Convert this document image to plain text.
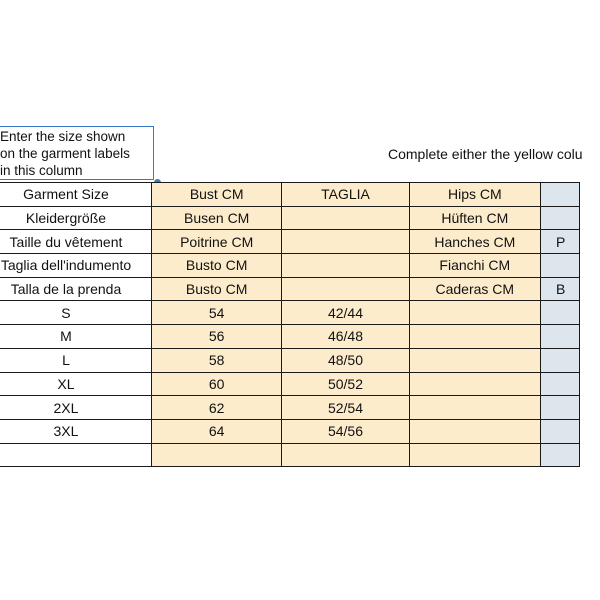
Enter the size shown
on the garment labels
in this column
Complete either the yellow colu
Garment Size	Bust CM	TAGLIA	Hips CM	
Kleidergröße	Busen CM		Hüften CM	
Taille du vêtement	Poitrine CM		Hanches CM	P
Taglia dell'indumento	Busto CM		Fianchi CM	
Talla de la prenda	Busto CM		Caderas CM	B
S	54	42/44		
M	56	46/48		
L	58	48/50		
XL	60	50/52		
2XL	62	52/54		
3XL	64	54/56		
